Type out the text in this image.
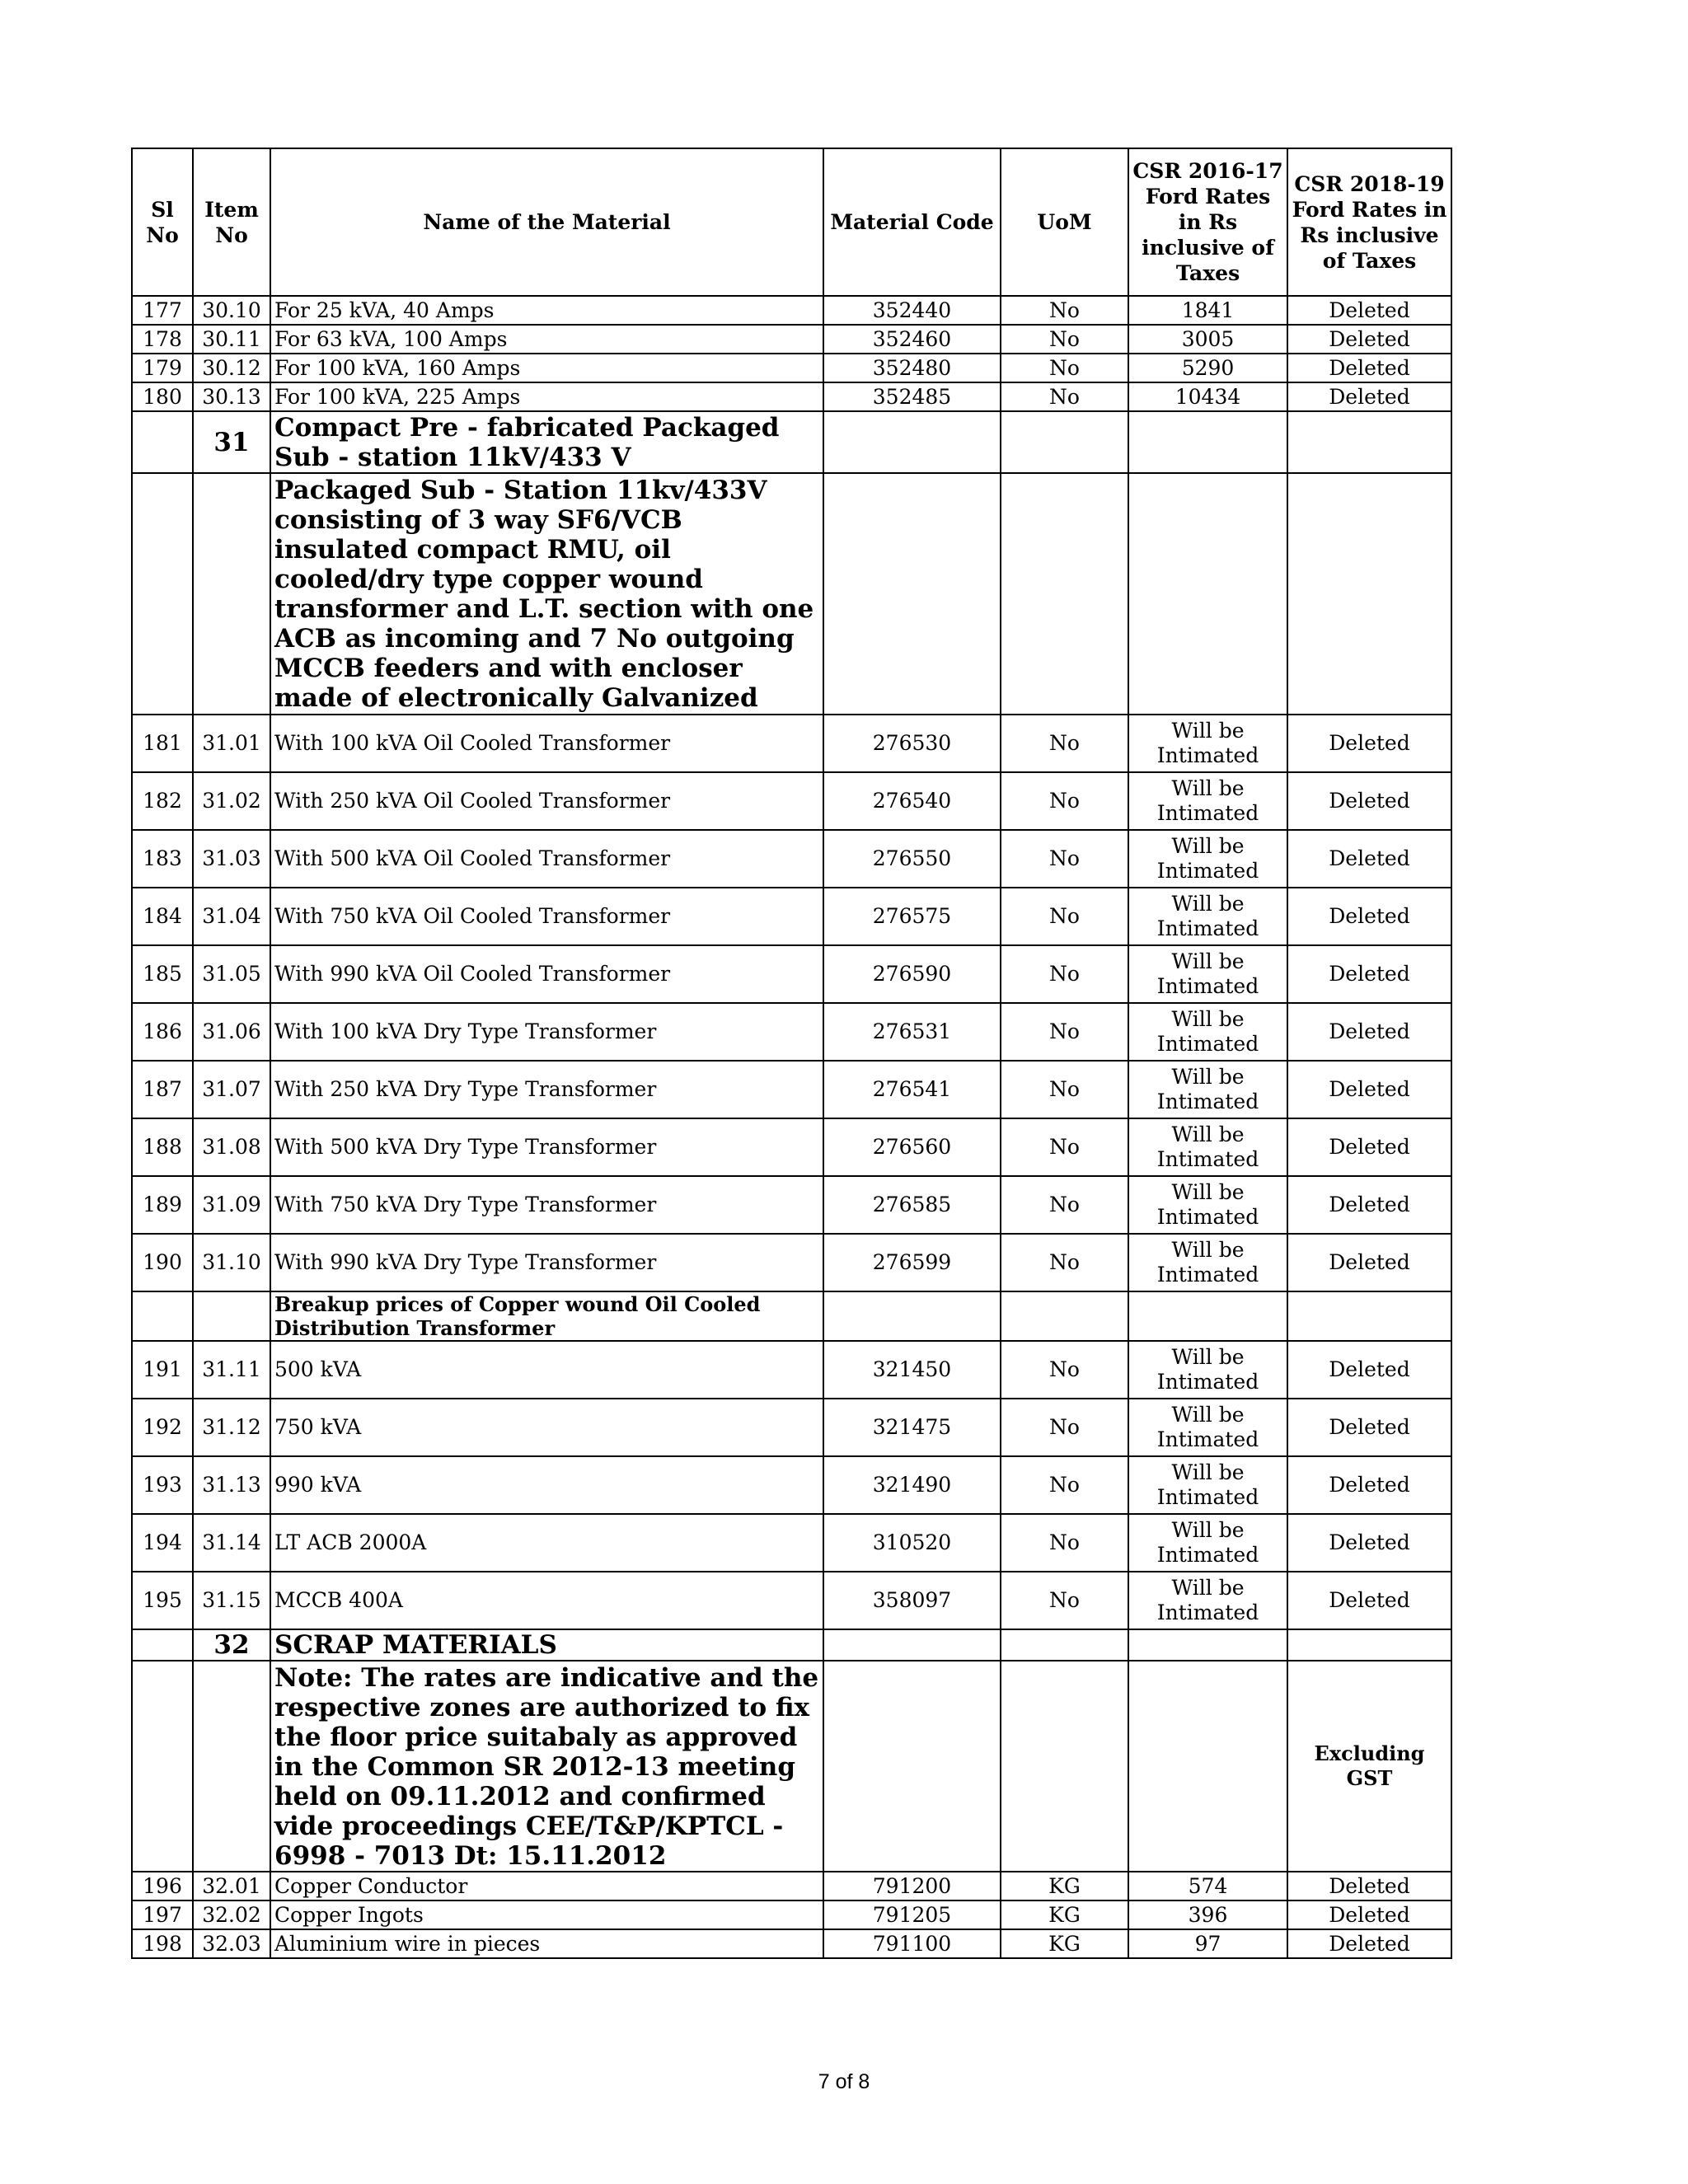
Sl No	Item No	Name of the Material	Material Code	UoM	CSR 2016-17 Ford Rates in Rs inclusive of Taxes	CSR 2018-19 Ford Rates in Rs inclusive of Taxes
177	30.10	For 25 kVA, 40 Amps	352440	No	1841	Deleted
178	30.11	For 63 kVA, 100 Amps	352460	No	3005	Deleted
179	30.12	For 100 kVA, 160 Amps	352480	No	5290	Deleted
180	30.13	For 100 kVA, 225 Amps	352485	No	10434	Deleted
	31	Compact Pre - fabricated Packaged Sub - station 11kV/433 V				
		Packaged Sub - Station 11kv/433V consisting of 3 way SF6/VCB insulated compact RMU, oil cooled/dry type copper wound transformer and L.T. section with one ACB as incoming and 7 No outgoing MCCB feeders and with encloser made of electronically Galvanized				
181	31.01	With 100 kVA Oil Cooled Transformer	276530	No	Will be Intimated	Deleted
182	31.02	With 250 kVA Oil Cooled Transformer	276540	No	Will be Intimated	Deleted
183	31.03	With 500 kVA Oil Cooled Transformer	276550	No	Will be Intimated	Deleted
184	31.04	With 750 kVA Oil Cooled Transformer	276575	No	Will be Intimated	Deleted
185	31.05	With 990 kVA Oil Cooled Transformer	276590	No	Will be Intimated	Deleted
186	31.06	With 100 kVA Dry Type Transformer	276531	No	Will be Intimated	Deleted
187	31.07	With 250 kVA Dry Type Transformer	276541	No	Will be Intimated	Deleted
188	31.08	With 500 kVA Dry Type Transformer	276560	No	Will be Intimated	Deleted
189	31.09	With 750 kVA Dry Type Transformer	276585	No	Will be Intimated	Deleted
190	31.10	With 990 kVA Dry Type Transformer	276599	No	Will be Intimated	Deleted
		Breakup prices of Copper wound Oil Cooled Distribution Transformer				
191	31.11	500 kVA	321450	No	Will be Intimated	Deleted
192	31.12	750 kVA	321475	No	Will be Intimated	Deleted
193	31.13	990 kVA	321490	No	Will be Intimated	Deleted
194	31.14	LT ACB 2000A	310520	No	Will be Intimated	Deleted
195	31.15	MCCB 400A	358097	No	Will be Intimated	Deleted
	32	SCRAP MATERIALS				
		Note: The rates are indicative and the respective zones are authorized to fix the floor price suitabaly as approved in the Common SR 2012-13 meeting held on 09.11.2012 and confirmed vide proceedings CEE/T&P/KPTCL - 6998 - 7013 Dt: 15.11.2012				Excluding GST
196	32.01	Copper Conductor	791200	KG	574	Deleted
197	32.02	Copper Ingots	791205	KG	396	Deleted
198	32.03	Aluminium wire in pieces	791100	KG	97	Deleted
7 of 8
